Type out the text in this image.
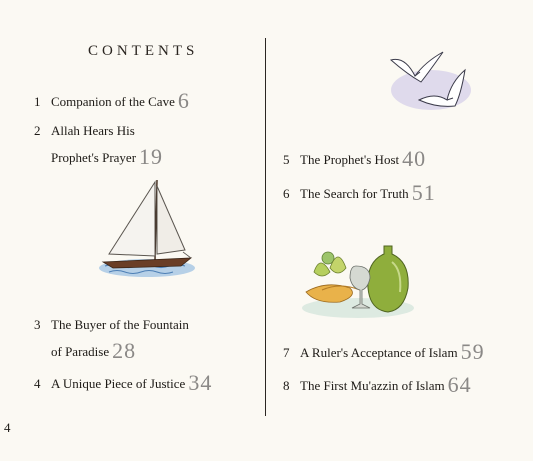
CONTENTS
1 Companion of the Cave 6
2 Allah Hears His
Prophet's Prayer 19
3 The Buyer of the Fountain
of Paradise 28
4 A Unique Piece of Justice 34
5 The Prophet's Host 40
6 The Search for Truth 51
7 A Ruler's Acceptance of Islam 59
8 The First Mu'azzin of Islam 64
4
